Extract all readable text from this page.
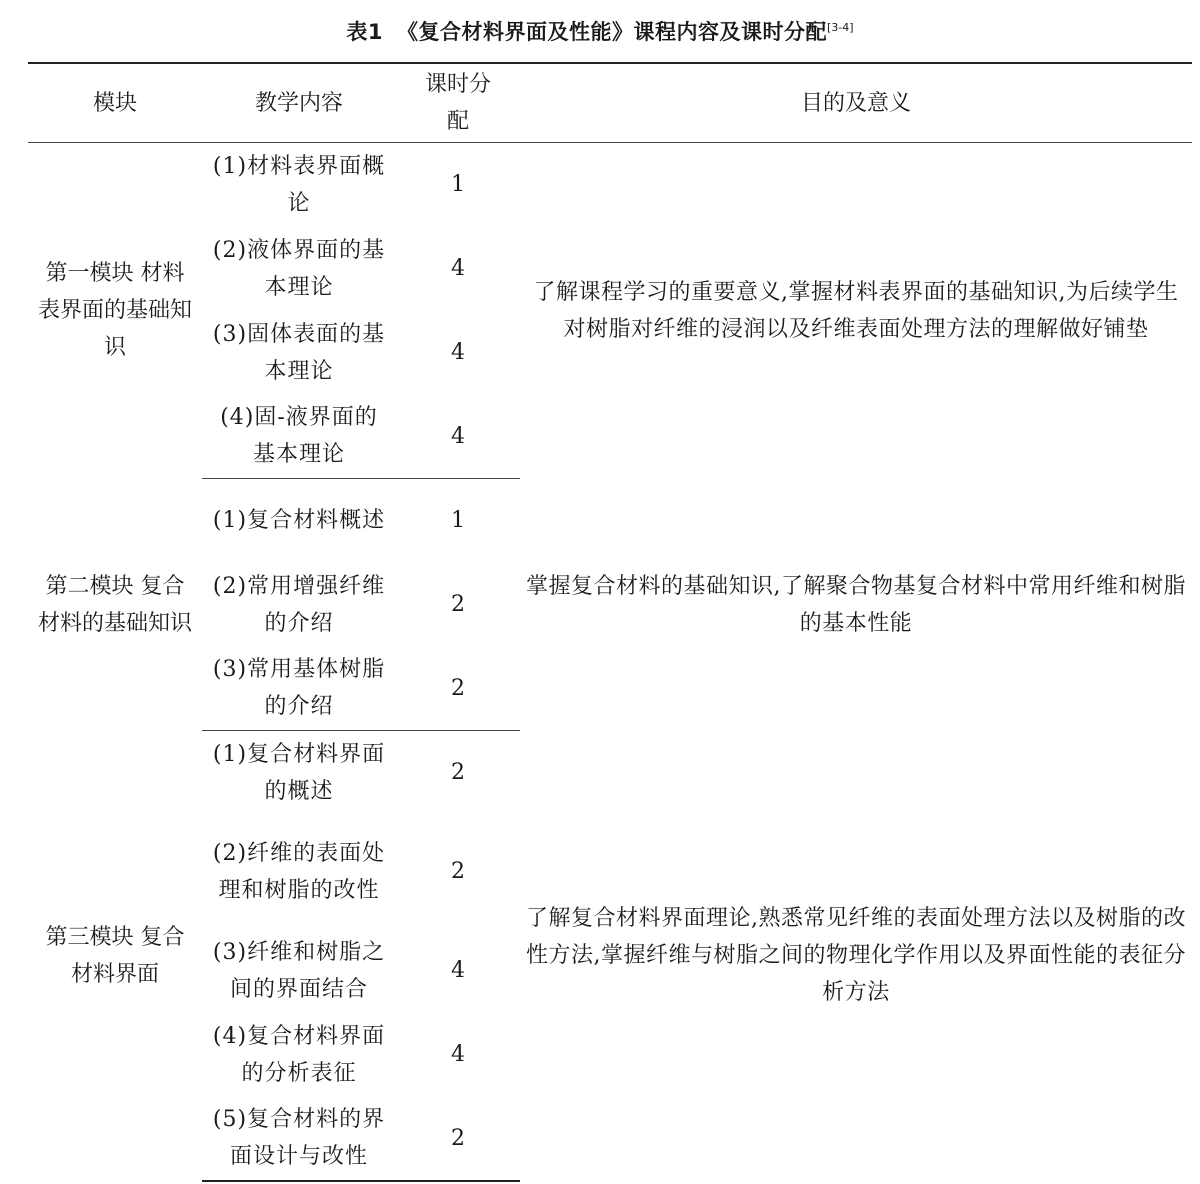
表1 《复合材料界面及性能》课程内容及课时分配[3-4]
模块	教学内容	课时分配	目的及意义

第一模块 材料表界面的基础知识	(1)材料表界面概论	1	了解课程学习的重要意义,掌握材料表界面的基础知识,为后续学生对树脂对纤维的浸润以及纤维表面处理方法的理解做好铺垫

	(2)液体界面的基本理论	4	

	(3)固体表面的基本理论	4	

	(4)固-液界面的基本理论	4	

第二模块 复合材料的基础知识	(1)复合材料概述	1	掌握复合材料的基础知识,了解聚合物基复合材料中常用纤维和树脂的基本性能

	(2)常用增强纤维的介绍	2	

	(3)常用基体树脂的介绍	2	

第三模块 复合材料界面	(1)复合材料界面的概述	2	了解复合材料界面理论,熟悉常见纤维的表面处理方法以及树脂的改性方法,掌握纤维与树脂之间的物理化学作用以及界面性能的表征分析方法

	(2)纤维的表面处理和树脂的改性	2	

	(3)纤维和树脂之间的界面结合	4	

	(4)复合材料界面的分析表征	4	

	(5)复合材料的界面设计与改性	2	
